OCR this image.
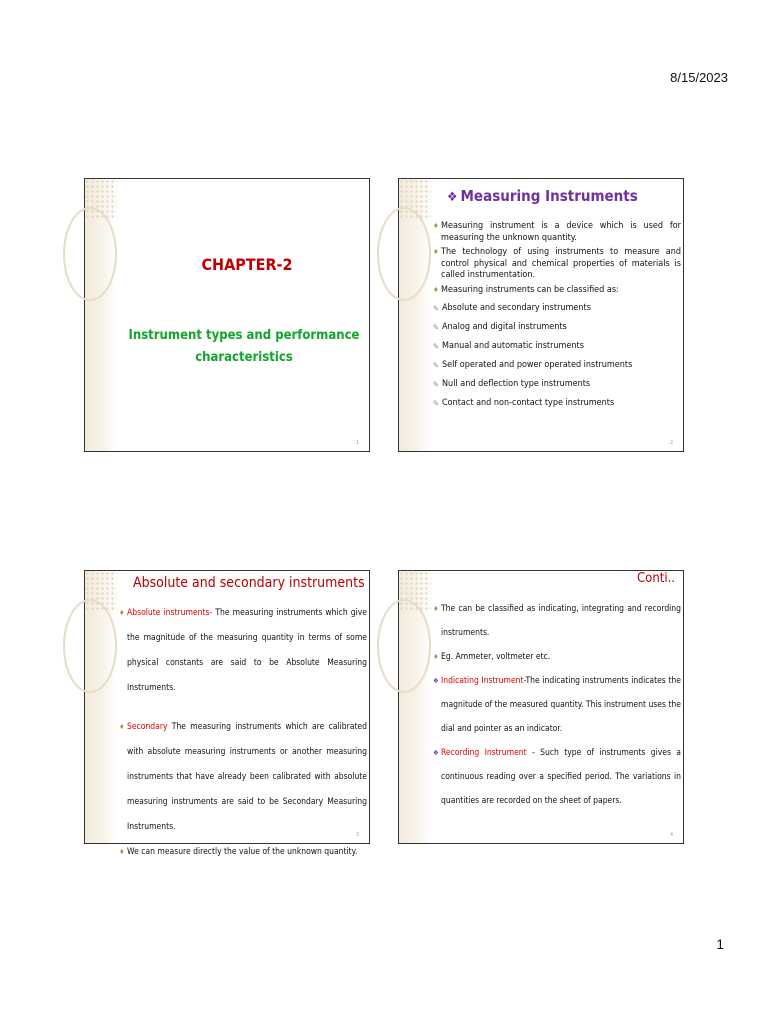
8/15/2023
CHAPTER-2
Instrument types and performance characteristics
1
❖ Measuring Instruments
♦ Measuring instrument is a device which is used for measuring the unknown quantity.
♦ The technology of using instruments to measure and control physical and chemical properties of materials is called instrumentation.
♦ Measuring instruments can be classified as:
✎ Absolute and secondary instruments
✎ Analog and digital instruments
✎ Manual and automatic instruments
✎ Self operated and power operated instruments
✎ Null and deflection type instruments
✎ Contact and non-contact type instruments
2
Absolute and secondary instruments
♦ Absolute instruments- The measuring instruments which give the magnitude of the measuring quantity in terms of some physical constants are said to be Absolute Measuring Instruments.
♦ Secondary The measuring instruments which are calibrated with absolute measuring instruments or another measuring instruments that have already been calibrated with absolute measuring instruments are said to be Secondary Measuring Instruments.
♦ We can measure directly the value of the unknown quantity.
3
Conti..
♦ The can be classified as indicating, integrating and recording instruments.
♦ Eg. Ammeter, voltmeter etc.
❖ Indicating Instrument-The indicating instruments indicates the magnitude of the measured quantity. This instrument uses the dial and pointer as an indicator.
❖ Recording Instrument - Such type of instruments gives a continuous reading over a specified period. The variations in quantities are recorded on the sheet of papers.
4
1
